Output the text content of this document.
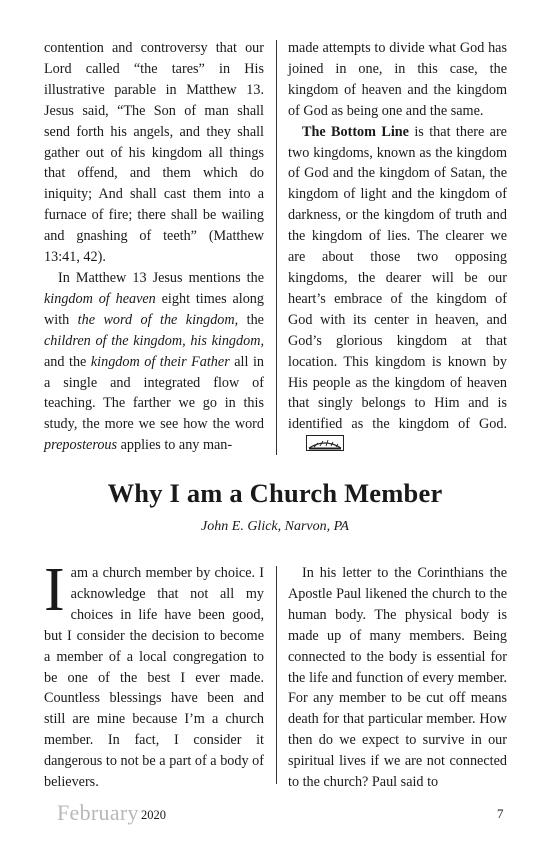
contention and controversy that our Lord called “the tares” in His illustrative parable in Matthew 13. Jesus said, “The Son of man shall send forth his angels, and they shall gather out of his kingdom all things that offend, and them which do iniquity; And shall cast them into a furnace of fire; there shall be wailing and gnashing of teeth” (Matthew 13:41, 42).

In Matthew 13 Jesus mentions the kingdom of heaven eight times along with the word of the kingdom, the children of the kingdom, his kingdom, and the kingdom of their Father all in a single and integrated flow of teaching. The farther we go in this study, the more we see how the word preposterous applies to any man-

made attempts to divide what God has joined in one, in this case, the kingdom of heaven and the kingdom of God as being one and the same.

The Bottom Line is that there are two kingdoms, known as the kingdom of God and the kingdom of Satan, the kingdom of light and the kingdom of darkness, or the kingdom of truth and the kingdom of lies. The clearer we are about those two opposing kingdoms, the dearer will be our heart’s embrace of the kingdom of God with its center in heaven, and God’s glorious kingdom at that location. This kingdom is known by His people as the kingdom of heaven that singly belongs to Him and is identified as the kingdom of God.

Why I am a Church Member
John E. Glick, Narvon, PA

Iam a church member by choice. I acknowledge that not all my choices in life have been good, but I consider the decision to become a member of a local congregation to be one of the best I ever made. Countless blessings have been and still are mine because I’m a church member. In fact, I consider it dangerous to not be a part of a body of believers.

In his letter to the Corinthians the Apostle Paul likened the church to the human body. The physical body is made up of many members. Being connected to the body is essential for the life and function of every member. For any member to be cut off means death for that particular member. How then do we expect to survive in our spiritual lives if we are not connected to the church? Paul said to

February 2020	7
